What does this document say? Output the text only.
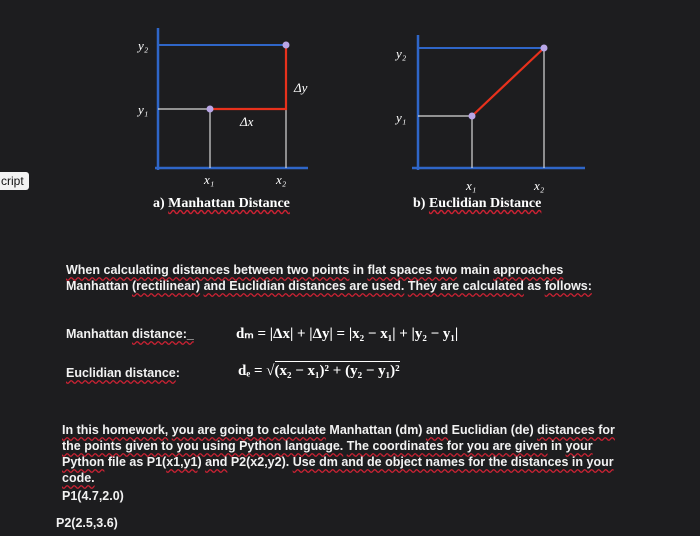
cript
y₂
y₁
x₁	x₂
Δx
Δy
y₂
y₁
x₁	x₂
a) Manhattan Distance	b) Euclidian Distance
When calculating distances between two points in flat spaces two main approaches Manhattan (rectilinear) and Euclidian distances are used. They are calculated as follows:
Manhattan distance:_	dₘ = |Δx| + |Δy| = |x₂ − x₁| + |y₂ − y₁|
Euclidian distance:	dₑ = √(x₂ − x₁)² + (y₂ − y₁)²
In this homework, you are going to calculate Manhattan (dm) and Euclidian (de) distances for the points given to you using Python language. The coordinates for you are given in your Python file as P1(x1,y1) and P2(x2,y2). Use dm and de object names for the distances in your code.
P1(4.7,2.0)
P2(2.5,3.6)
